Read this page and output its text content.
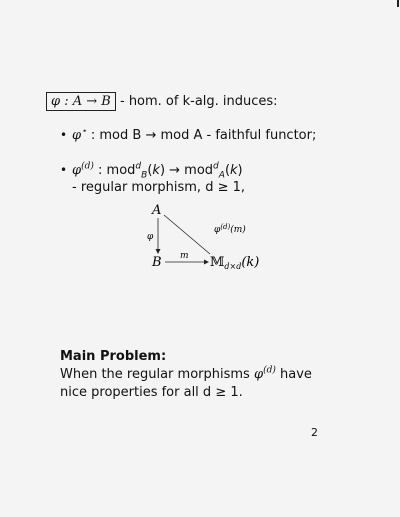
φ : A → B - hom. of k-alg. induces:
• φ⋆ : mod B → mod A - faithful functor;
• $\varphi^{(d)}$ : mod$^d_B$(k) → mod$^d_A$(k)
- regular morphism, d ≥ 1,
A
B
φ
$\varphi^{(d)}(m)$
m 𝕄$_{d\times d}$(k)
Main Problem:
When the regular morphisms $\varphi^{(d)}$ have
nice properties for all d ≥ 1.
2
